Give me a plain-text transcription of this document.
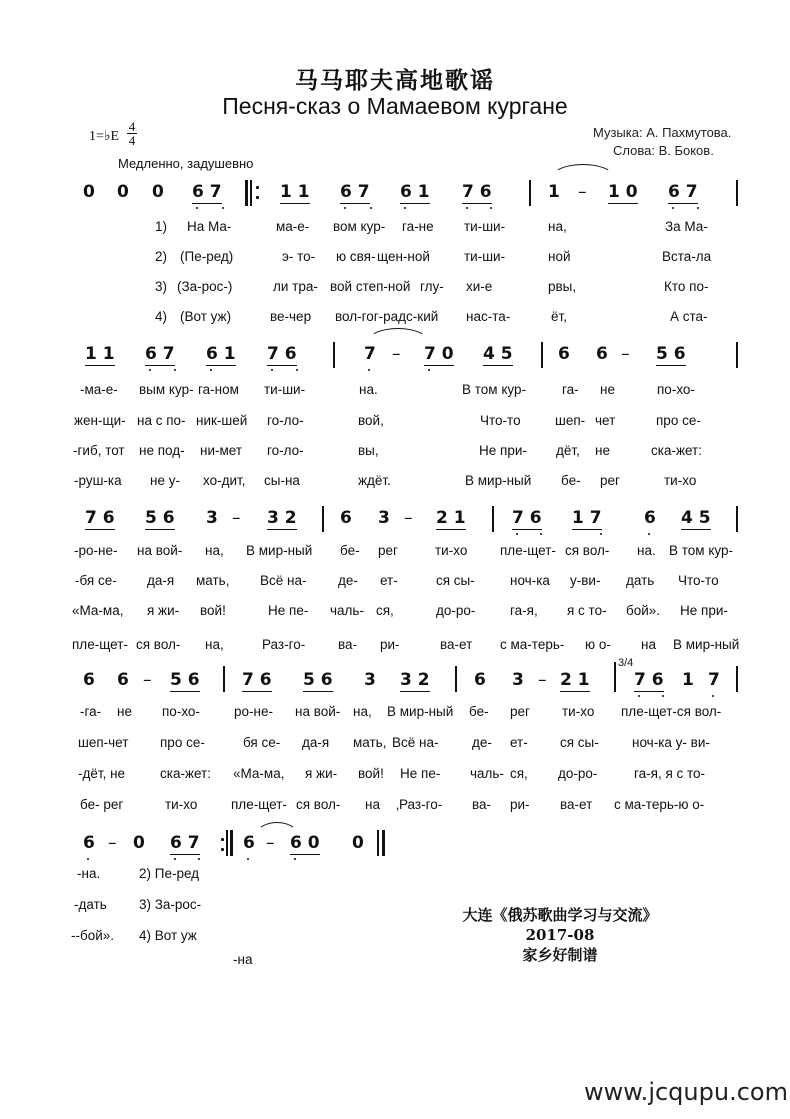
马马耶夫高地歌谣
Песня-сказ о Мамаевом кургане
1=♭E $\frac{4}{4}$
Медленно, задушевно
Музыка: А. Пахмутова.
Слова: В. Боков.
0 0 0 6 7	1 1 6 7 6 1 7 6	1 – 1 0 6 7
1) На Ма-	ма-е- вом кур- га-не ти-ши-	на,	За Ма-
2) (Пе-ред)	э- то- ю свя- щен-ной	ти-ши-	ной	Вста-ла
3) (За-рос-)	ли тра- вой степ-ной глу- хи-е	рвы,	Кто по-
4) (Вот уж)	ве-чер вол-гог-радс-кий нас-та-	ёт,	А ста-
1 1 6 7 6 1 7 6	7 – 7 0 4 5	6 6 – 5 6
-ма-е- вым кур- га-ном ти-ши-	на.	В том кур-	га- не	по-хо-
жен-щи- на с по- ник-шей го-ло-	вой,	Что-то	шеп- чет	про се-
-гиб, тот не под- ни-мет го-ло-	вы,	Не при- дёт, не	ска-жет:
-руш-ка не у- хо-дит, сы-на	ждёт.	В мир-ный бе- рег	ти-хо
7 6 5 6 3 – 3 2	6 3 – 2 1	7 6 1 7 6 4 5
-ро-не- на вой- на, В мир-ный бе- рег	ти-хо пле-щет- ся вол- на. В том кур-
-бя се- да-я мать, Всё на- де- ет-	ся сы-	ноч-ка у-ви- дать Что-то
«Ма-ма, я жи- вой!	Не пе- чаль- ся,	до-ро-	га-я, я с то- бой». Не при-
пле-щет- ся вол- на,	Раз-го- ва- ри-	ва-ет с ма-терь- ю о- на В мир-ный
6 6 – 5 6 7 6 5 6 3 3 2	6 3 – 2 1
3/4
7 6 1 7
-га- не по-хо-	ро-не- на вой- на, В мир-ный бе- рег ти-хо пле-щет-ся вол-
шеп-чет про се-	бя се- да-я мать, Всё на- де- ет- ся сы- ноч-ка у- ви-
-дёт, не	ска-жет: «Ма-ма, я жи- вой! Не пе- чаль- ся, до-ро-	га-я, я с то-
бе- рег	ти-хо пле-щет- ся вол- на ‚Раз-го- ва- ри- ва-ет с ма-терь-ю о-
6 – 0 6 7	6 – 6 0 0
-на.	2) Пе-ред
-дать 3) За-рос-
--бой». 4) Вот уж
-на
大连《俄苏歌曲学习与交流》
2017-08
家乡好制谱
www.jcqupu.com
